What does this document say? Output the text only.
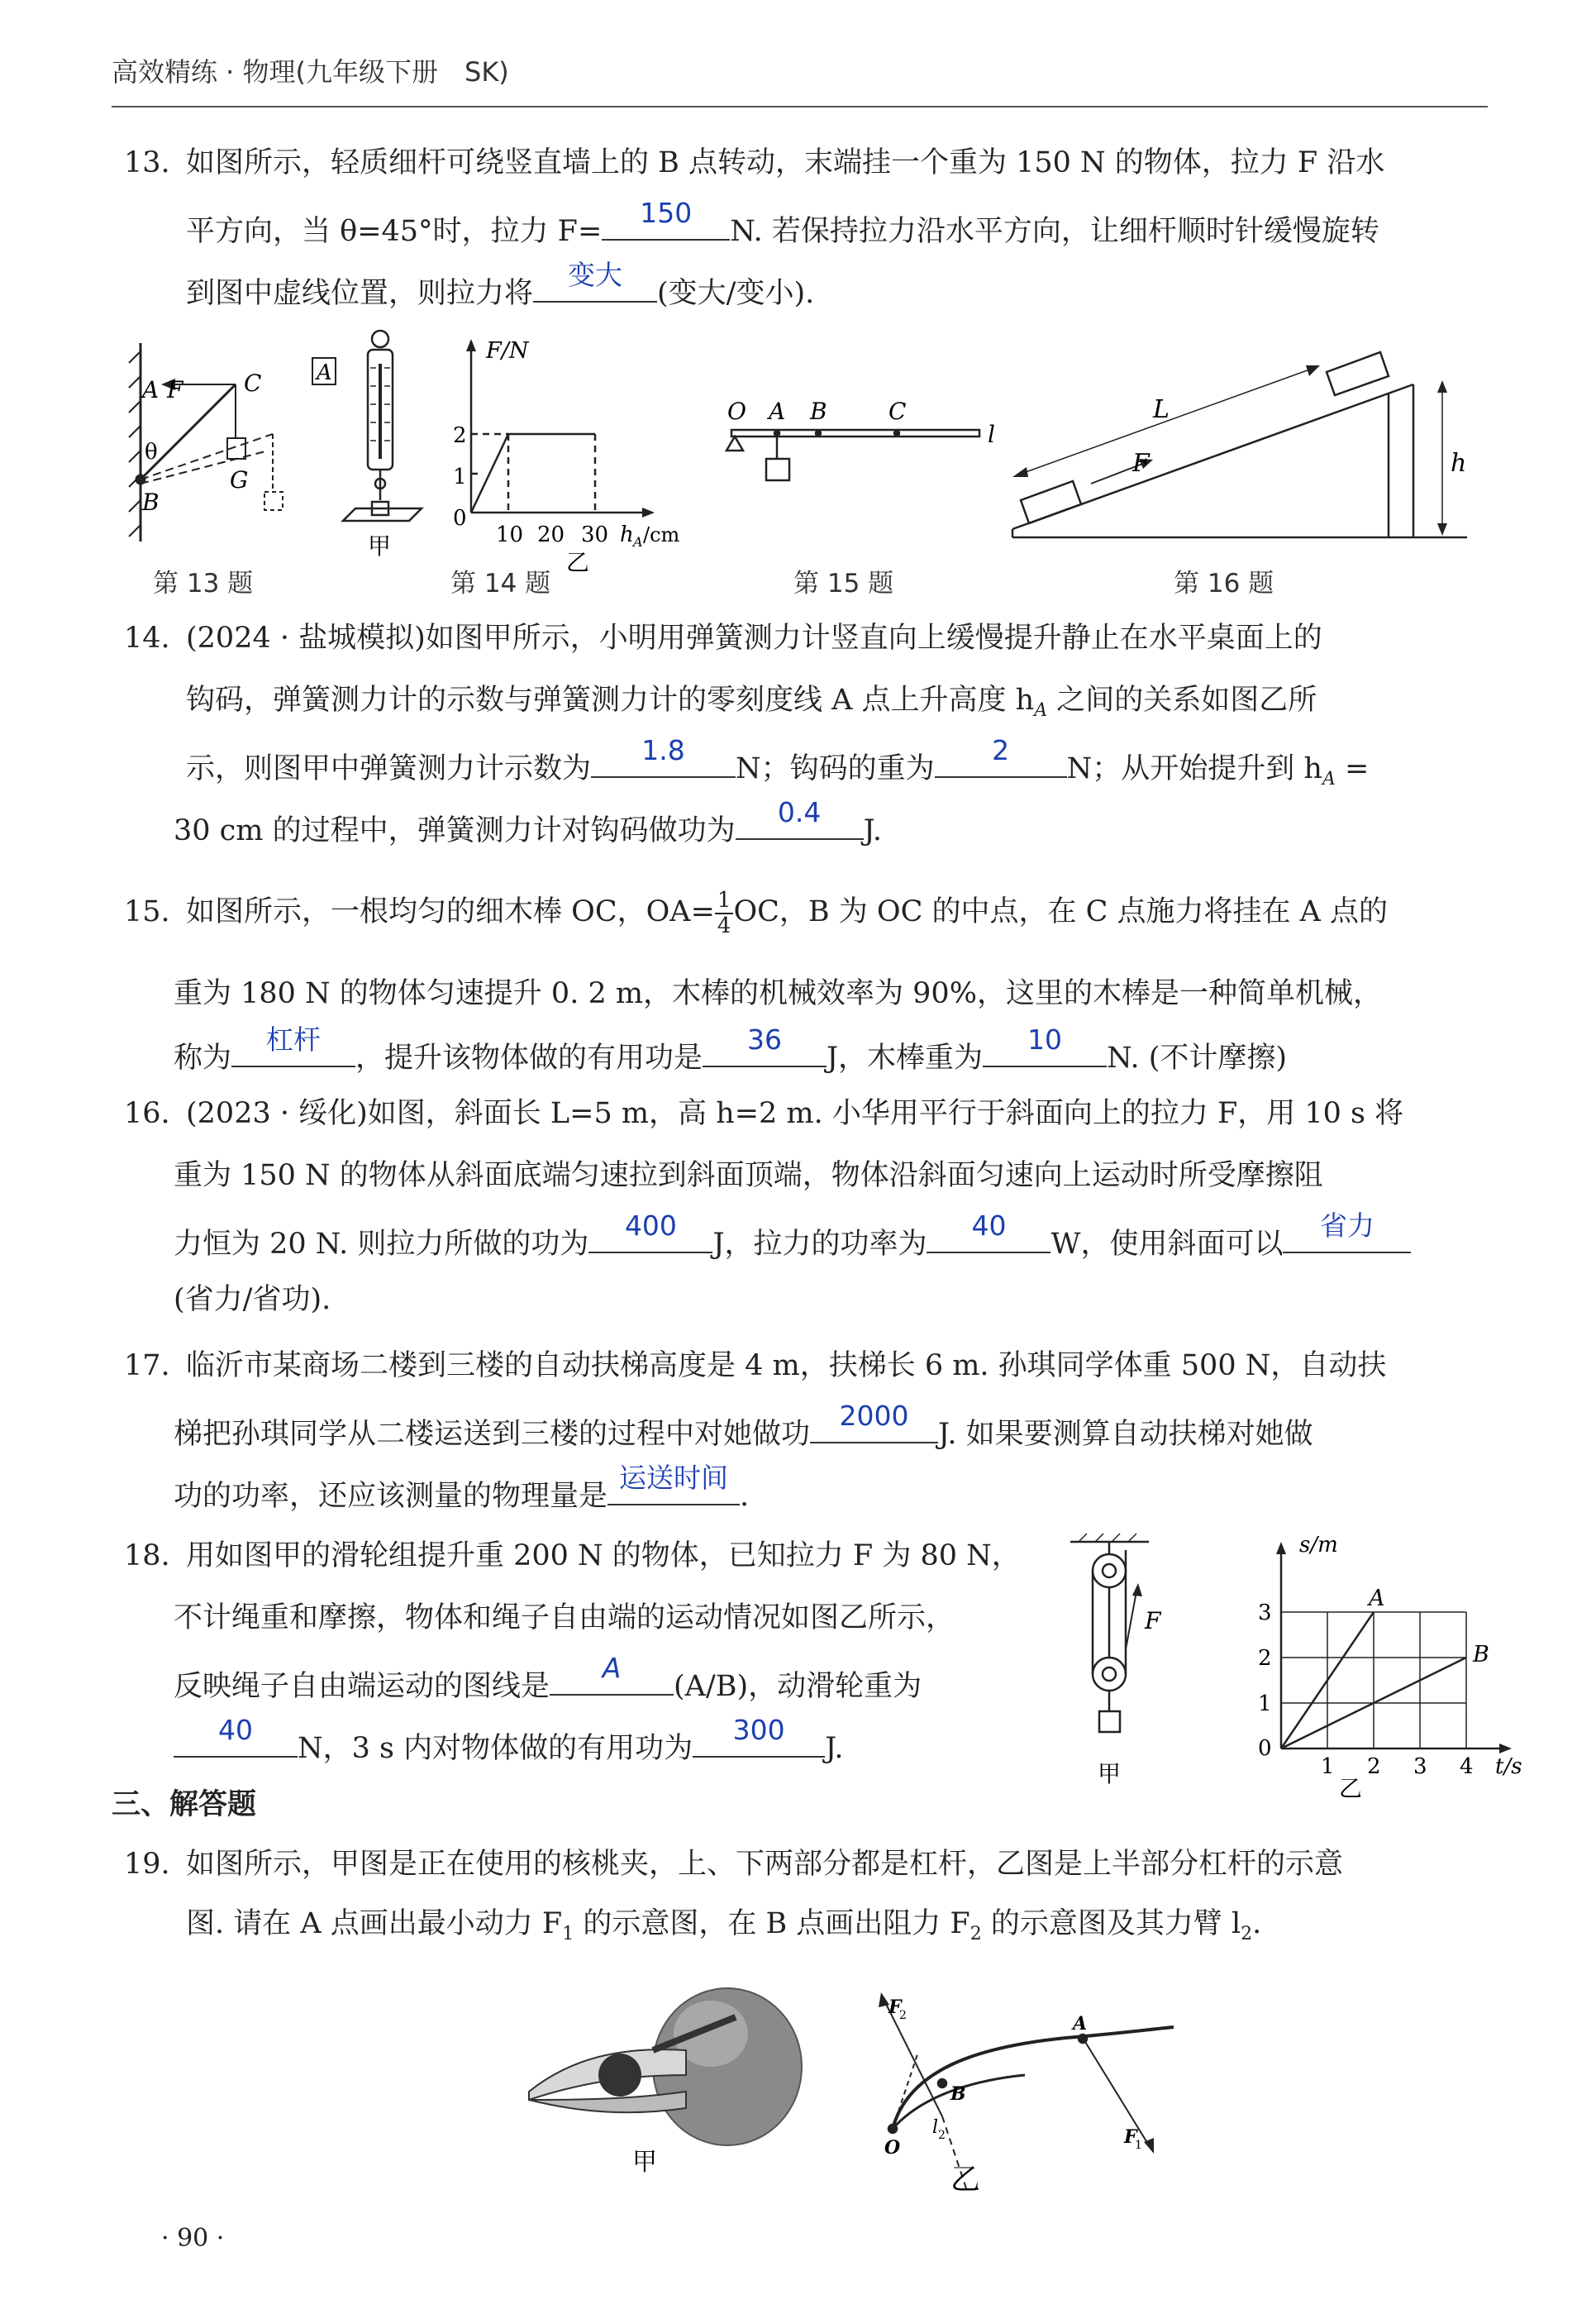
高效精练 · 物理(九年级下册　SK)
13. 如图所示，轻质细杆可绕竖直墙上的 B 点转动，末端挂一个重为 150 N 的物体，拉力 F 沿水
平方向，当 θ=45°时，拉力 F=
150
N. 若保持拉力沿水平方向，让细杆顺时针缓慢旋转
到图中虚线位置，则拉力将
变大
(变大/变小).
A F	C
θ
G
B
A
甲
F/N
0
1
2
10 20 30 h A /cm
乙
O A B	C
l
L
F	h
第 13 题	第 14 题	第 15 题	第 16 题
14. (2024 · 盐城模拟)如图甲所示，小明用弹簧测力计竖直向上缓慢提升静止在水平桌面上的
钩码，弹簧测力计的示数与弹簧测力计的零刻度线 A 点上升高度 $h_A$ 之间的关系如图乙所
示，则图甲中弹簧测力计示数为
1.8
N；钩码的重为
2
N；从开始提升到 $h_A$ =
30 cm 的过程中，弹簧测力计对钩码做功为
0.4
J.
15. 如图所示，一根均匀的细木棒 OC，$OA= \frac{1}{4}$ OC，B 为 OC 的中点，在 C 点施力将挂在 A 点的
重为 180 N 的物体匀速提升 0. 2 m，木棒的机械效率为 90%，这里的木棒是一种简单机械，
称为
杠杆
，提升该物体做的有用功是
36
J，木棒重为
10
N. (不计摩擦)
16. (2023 · 绥化)如图，斜面长 L=5 m，高 h=2 m. 小华用平行于斜面向上的拉力 F，用 10 s 将
重为 150 N 的物体从斜面底端匀速拉到斜面顶端，物体沿斜面匀速向上运动时所受摩擦阻
力恒为 20 N. 则拉力所做的功为
400
J，拉力的功率为
40
W，使用斜面可以
省力
(省力/省功).
17. 临沂市某商场二楼到三楼的自动扶梯高度是 4 m，扶梯长 6 m. 孙琪同学体重 500 N，自动扶
梯把孙琪同学从二楼运送到三楼的过程中对她做功
2000
J. 如果要测算自动扶梯对她做
功的功率，还应该测量的物理量是
运送时间
.
18. 用如图甲的滑轮组提升重 200 N 的物体，已知拉力 F 为 80 N，
不计绳重和摩擦，物体和绳子自由端的运动情况如图乙所示，
反映绳子自由端运动的图线是
A
(A/B)，动滑轮重为
40
N，3 s 内对物体做的有用功为
300
J.
F
甲
s/m
t/s
0
1
2
3
1 2 3 4
A
B
乙
三、解答题
19. 如图所示，甲图是正在使用的核桃夹，上、下两部分都是杠杆，乙图是上半部分杠杆的示意
图. 请在 A 点画出最小动力 $F_1$ 的示意图，在 B 点画出阻力 $F_2$ 的示意图及其力臂 $l_2$.
甲
F
2	A
B
O
l 2	F
1
乙
· 90 ·
